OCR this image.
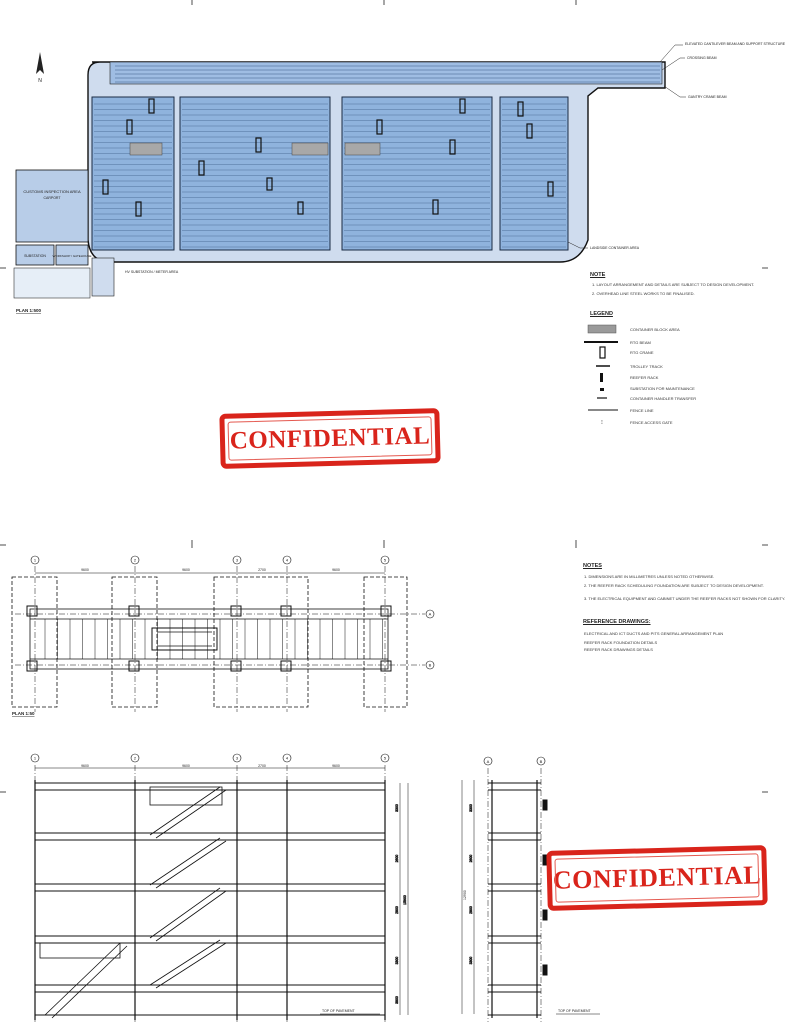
N
CUSTOMS INSPECTION AREA
CARPORT
SUBSTATION WORKSHOP / GATEHOUSE
HV SUBSTATION / METER AREA
PLAN 1:500
ELEVATED CANTILEVER BEAM AND SUPPORT STRUCTURE
CROSSING BEAM
GANTRY CRANE BEAM
LANDSIDE CONTAINER AREA
⁝
3300
2600
2800
3300
3800
15900
3300
2600
2800
3300
TOP OF PAVEMENT
A	B
12900
TOP OF PAVEMENT
1
1
2
2
3
3
4
4
5
5
9600
9600
9600
9600
2700
2700
9600
9600
A
B
PLAN 1:50
NOTE
1. LAYOUT ARRANGEMENT AND DETAILS ARE SUBJECT TO DESIGN DEVELOPMENT.
2. OVERHEAD LINE STEEL WORKS TO BE FINALISED.
LEGEND
CONTAINER BLOCK AREA
RTG BEAM
RTG CRANE
TROLLEY TRACK
REEFER RACK
SUBSTATION FOR MAINTENANCE
CONTAINER HANDLER TRANSFER
FENCE LINE
FENCE ACCESS GATE
NOTES
1. DIMENSIONS ARE IN MILLIMETRES UNLESS NOTED OTHERWISE.
2. THE REEFER RACK SCHEDULING FOUNDATION ARE SUBJECT TO DESIGN DEVELOPMENT.
3. THE ELECTRICAL EQUIPMENT AND CABINET UNDER THE REEFER RACKS NOT SHOWN FOR CLARITY.
REFERENCE DRAWINGS:
ELECTRICAL AND ICT DUCTS AND PITS GENERAL ARRANGEMENT PLAN
REEFER RACK FOUNDATION DETAILS
REEFER RACK DRAWINGS DETAILS
CONFIDENTIAL
CONFIDENTIAL
